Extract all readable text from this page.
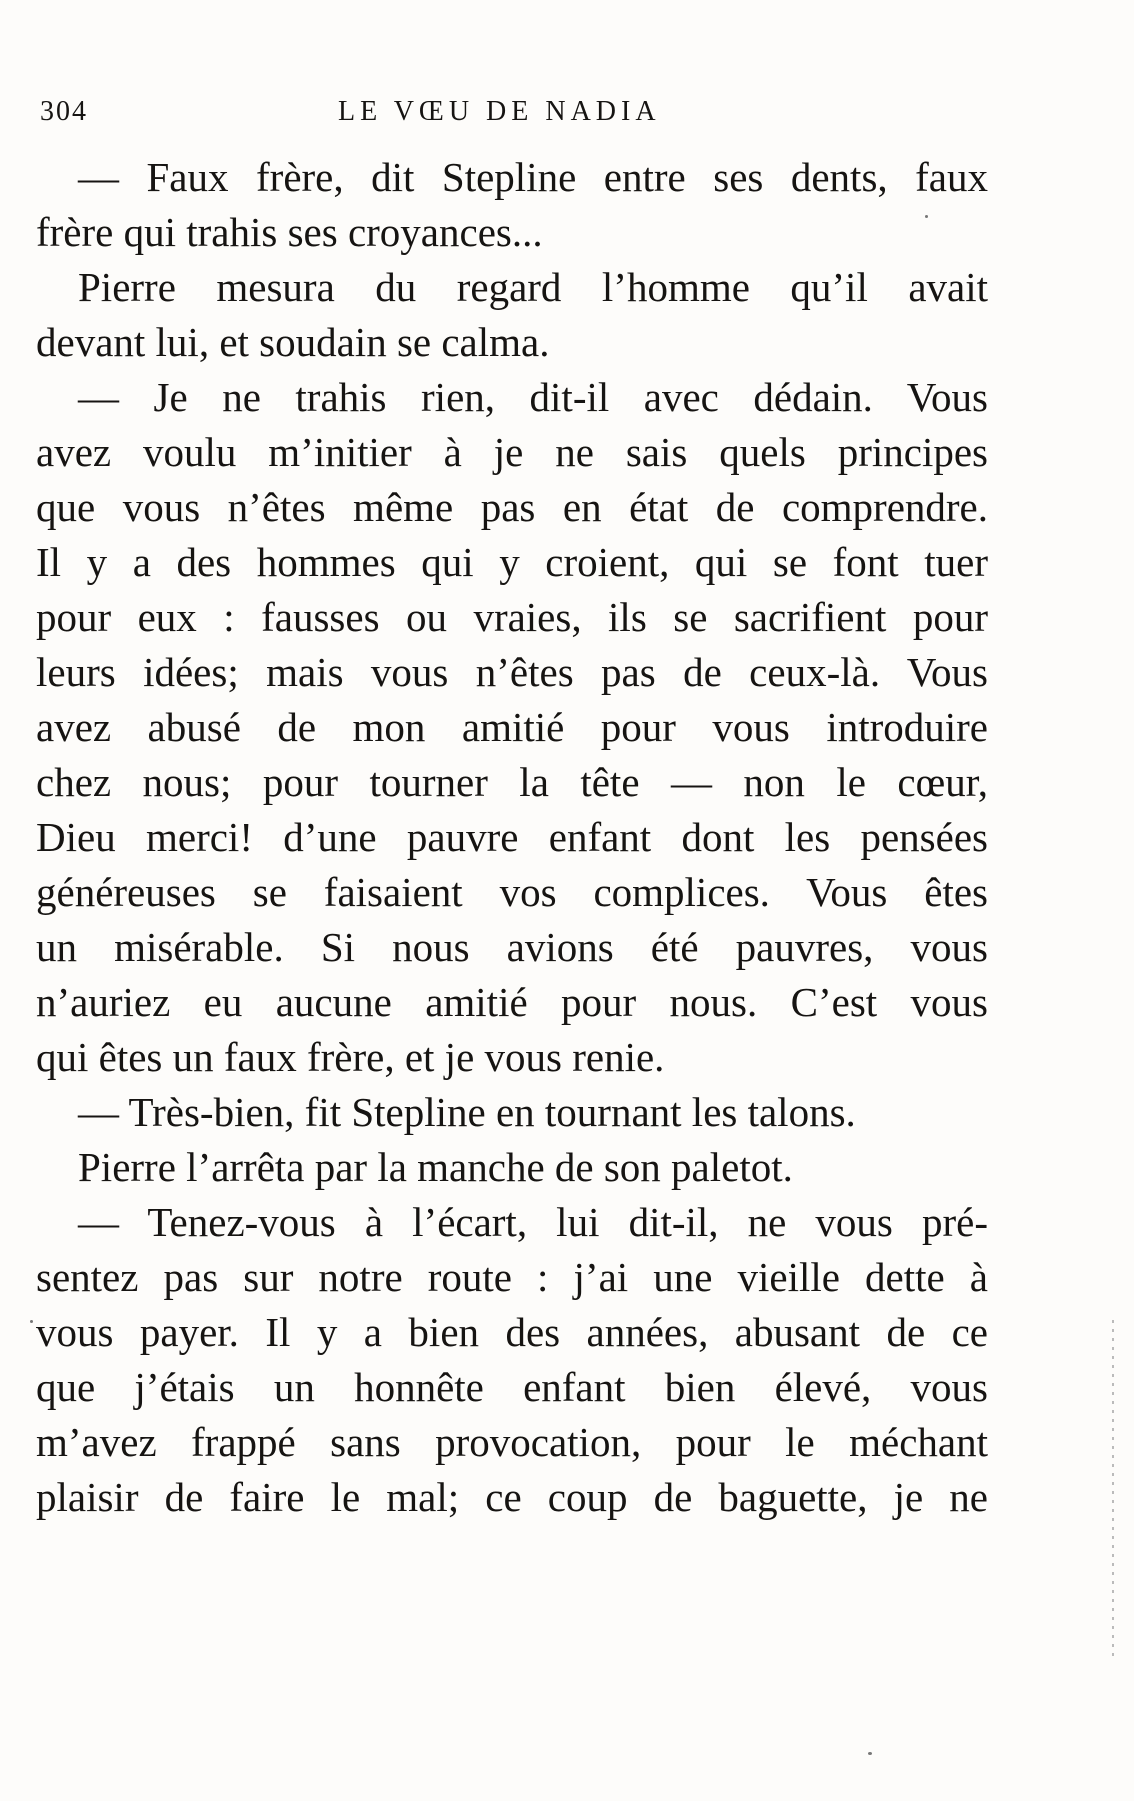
304	LE VŒU DE NADIA
— Faux frère, dit Stepline entre ses dents, faux
frère qui trahis ses croyances...
Pierre mesura du regard l’homme qu’il avait
devant lui, et soudain se calma.
— Je ne trahis rien, dit-il avec dédain. Vous
avez voulu m’initier à je ne sais quels principes
que vous n’êtes même pas en état de comprendre.
Il y a des hommes qui y croient, qui se font tuer
pour eux : fausses ou vraies, ils se sacrifient pour
leurs idées; mais vous n’êtes pas de ceux-là. Vous
avez abusé de mon amitié pour vous introduire
chez nous; pour tourner la tête — non le cœur,
Dieu merci! d’une pauvre enfant dont les pensées
généreuses se faisaient vos complices. Vous êtes
un misérable. Si nous avions été pauvres, vous
n’auriez eu aucune amitié pour nous. C’est vous
qui êtes un faux frère, et je vous renie.
— Très-bien, fit Stepline en tournant les talons.
Pierre l’arrêta par la manche de son paletot.
— Tenez-vous à l’écart, lui dit-il, ne vous pré-
sentez pas sur notre route : j’ai une vieille dette à
vous payer. Il y a bien des années, abusant de ce
que j’étais un honnête enfant bien élevé, vous
m’avez frappé sans provocation, pour le méchant
plaisir de faire le mal; ce coup de baguette, je ne
